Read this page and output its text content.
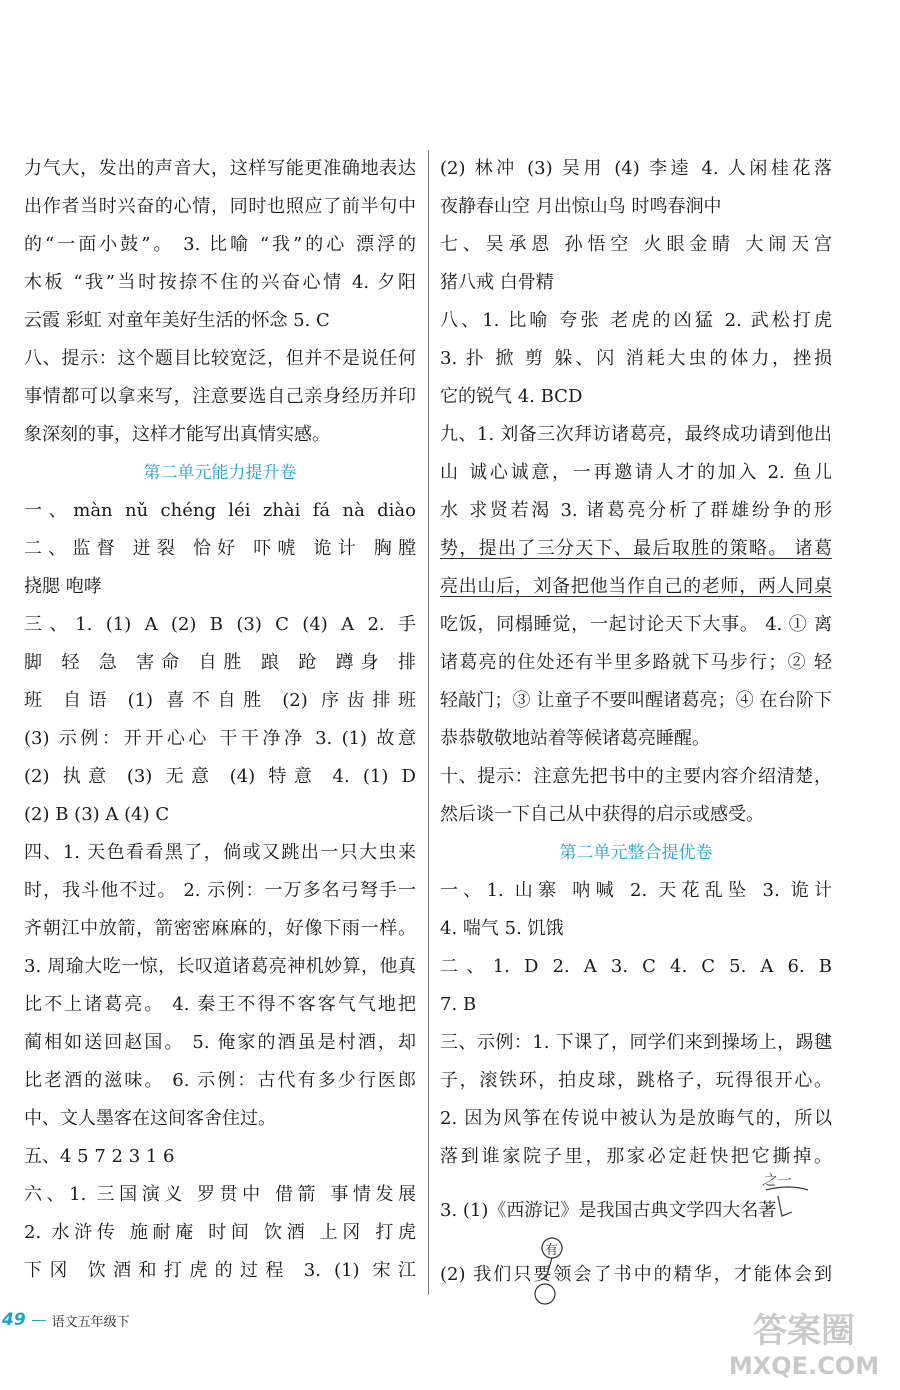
力气大，发出的声音大，这样写能更准确地表达
出作者当时兴奋的心情，同时也照应了前半句中
的“一面小鼓”。 3. 比喻 “我”的心 漂浮的
木板 “我”当时按捺不住的兴奋心情 4. 夕阳
云霞 彩虹 对童年美好生活的怀念 5. C
八、提示：这个题目比较宽泛，但并不是说任何
事情都可以拿来写，注意要选自己亲身经历并印
象深刻的事，这样才能写出真情实感。
第二单元能力提升卷
一、màn nǔ chéng léi zhài fá nà diào
二、监督 迸裂 恰好 吓唬 诡计 胸膛
挠腮 咆哮
三、1. (1) A (2) B (3) C (4) A 2. 手
脚 轻 急 害命 自胜 踉 跄 蹲身 排
班 自语 (1) 喜不自胜 (2) 序齿排班
(3) 示例：开开心心 干干净净 3. (1) 故意
(2) 执意 (3) 无意 (4) 特意 4. (1) D
(2) B (3) A (4) C
四、1. 天色看看黑了，倘或又跳出一只大虫来
时，我斗他不过。 2. 示例：一万多名弓弩手一
齐朝江中放箭，箭密密麻麻的，好像下雨一样。
3. 周瑜大吃一惊，长叹道诸葛亮神机妙算，他真
比不上诸葛亮。 4. 秦王不得不客客气气地把
蔺相如送回赵国。 5. 俺家的酒虽是村酒，却
比老酒的滋味。 6. 示例：古代有多少行医郎
中、文人墨客在这间客舍住过。
五、4 5 7 2 3 1 6
六、1. 三国演义 罗贯中 借箭 事情发展
2. 水浒传 施耐庵 时间 饮酒 上冈 打虎
下冈 饮酒和打虎的过程 3. (1) 宋江
(2) 林冲 (3) 吴用 (4) 李逵 4. 人闲桂花落
夜静春山空 月出惊山鸟 时鸣春涧中
七、吴承恩 孙悟空 火眼金睛 大闹天宫
猪八戒 白骨精
八、1. 比喻 夸张 老虎的凶猛 2. 武松打虎
3. 扑 掀 剪 躲、闪 消耗大虫的体力，挫损
它的锐气 4. BCD
九、1. 刘备三次拜访诸葛亮，最终成功请到他出
山 诚心诚意，一再邀请人才的加入 2. 鱼儿
水 求贤若渴 3. 诸葛亮分析了群雄纷争的形
势，提出了三分天下、最后取胜的策略。 诸葛
亮出山后，刘备把他当作自己的老师，两人同桌
吃饭，同榻睡觉，一起讨论天下大事。 4. ① 离
诸葛亮的住处还有半里多路就下马步行；② 轻
轻敲门；③ 让童子不要叫醒诸葛亮；④ 在台阶下
恭恭敬敬地站着等候诸葛亮睡醒。
十、提示：注意先把书中的主要内容介绍清楚，
然后谈一下自己从中获得的启示或感受。
第二单元整合提优卷
一、1. 山寨 呐喊 2. 天花乱坠 3. 诡计
4. 喘气 5. 饥饿
二、1. D 2. A 3. C 4. C 5. A 6. B
7. B
三、示例：1. 下课了，同学们来到操场上，踢毽
子，滚铁环，拍皮球，跳格子，玩得很开心。
2. 因为风筝在传说中被认为是放晦气的，所以
落到谁家院子里，那家必定赶快把它撕掉。
3. (1)《西游记》是我国古典文学四大名著
(2) 我们只要领会了书中的精华，才能体会到
之一
有
49 语文五年级下	答案圈
MXQE.COM
